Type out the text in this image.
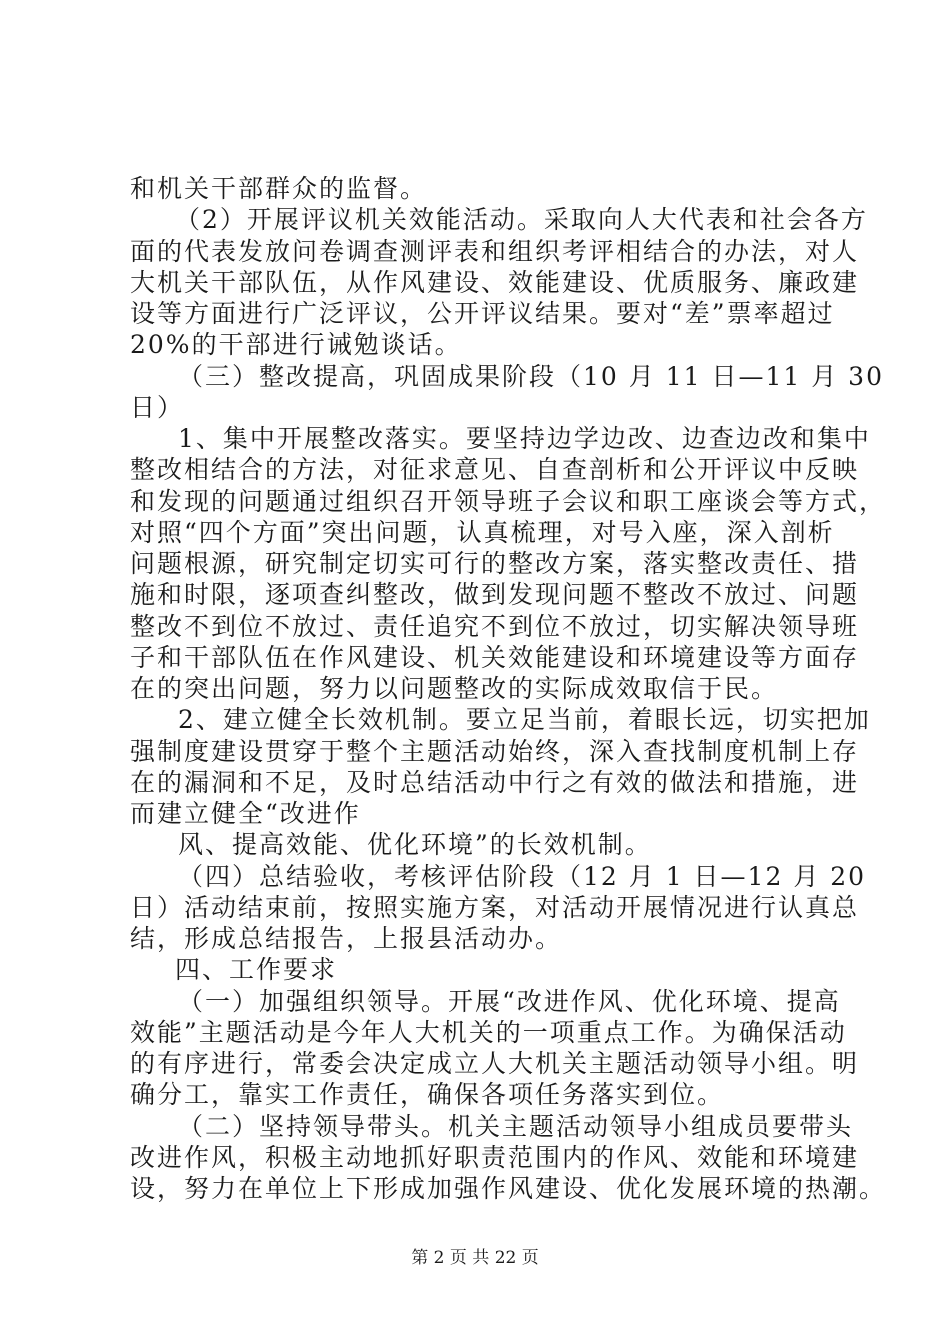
和机关干部群众的监督。
（2）开展评议机关效能活动。采取向人大代表和社会各方
面的代表发放问卷调查测评表和组织考评相结合的办法，对人
大机关干部队伍，从作风建设、效能建设、优质服务、廉政建
设等方面进行广泛评议，公开评议结果。要对“差”票率超过
20%的干部进行诫勉谈话。
（三）整改提高，巩固成果阶段（10 月 11 日—11 月 30
日）
1、集中开展整改落实。要坚持边学边改、边查边改和集中
整改相结合的方法，对征求意见、自查剖析和公开评议中反映
和发现的问题通过组织召开领导班子会议和职工座谈会等方式，
对照“四个方面”突出问题，认真梳理，对号入座，深入剖析
问题根源，研究制定切实可行的整改方案，落实整改责任、措
施和时限，逐项查纠整改，做到发现问题不整改不放过、问题
整改不到位不放过、责任追究不到位不放过，切实解决领导班
子和干部队伍在作风建设、机关效能建设和环境建设等方面存
在的突出问题，努力以问题整改的实际成效取信于民。
2、建立健全长效机制。要立足当前，着眼长远，切实把加
强制度建设贯穿于整个主题活动始终，深入查找制度机制上存
在的漏洞和不足，及时总结活动中行之有效的做法和措施，进
而建立健全“改进作
风、提高效能、优化环境”的长效机制。
（四）总结验收，考核评估阶段（12 月 1 日—12 月 20
日）活动结束前，按照实施方案，对活动开展情况进行认真总
结，形成总结报告，上报县活动办。
四、工作要求
（一）加强组织领导。开展“改进作风、优化环境、提高
效能”主题活动是今年人大机关的一项重点工作。为确保活动
的有序进行，常委会决定成立人大机关主题活动领导小组。明
确分工，靠实工作责任，确保各项任务落实到位。
（二）坚持领导带头。机关主题活动领导小组成员要带头
改进作风，积极主动地抓好职责范围内的作风、效能和环境建
设，努力在单位上下形成加强作风建设、优化发展环境的热潮。
第 2 页 共 22 页
